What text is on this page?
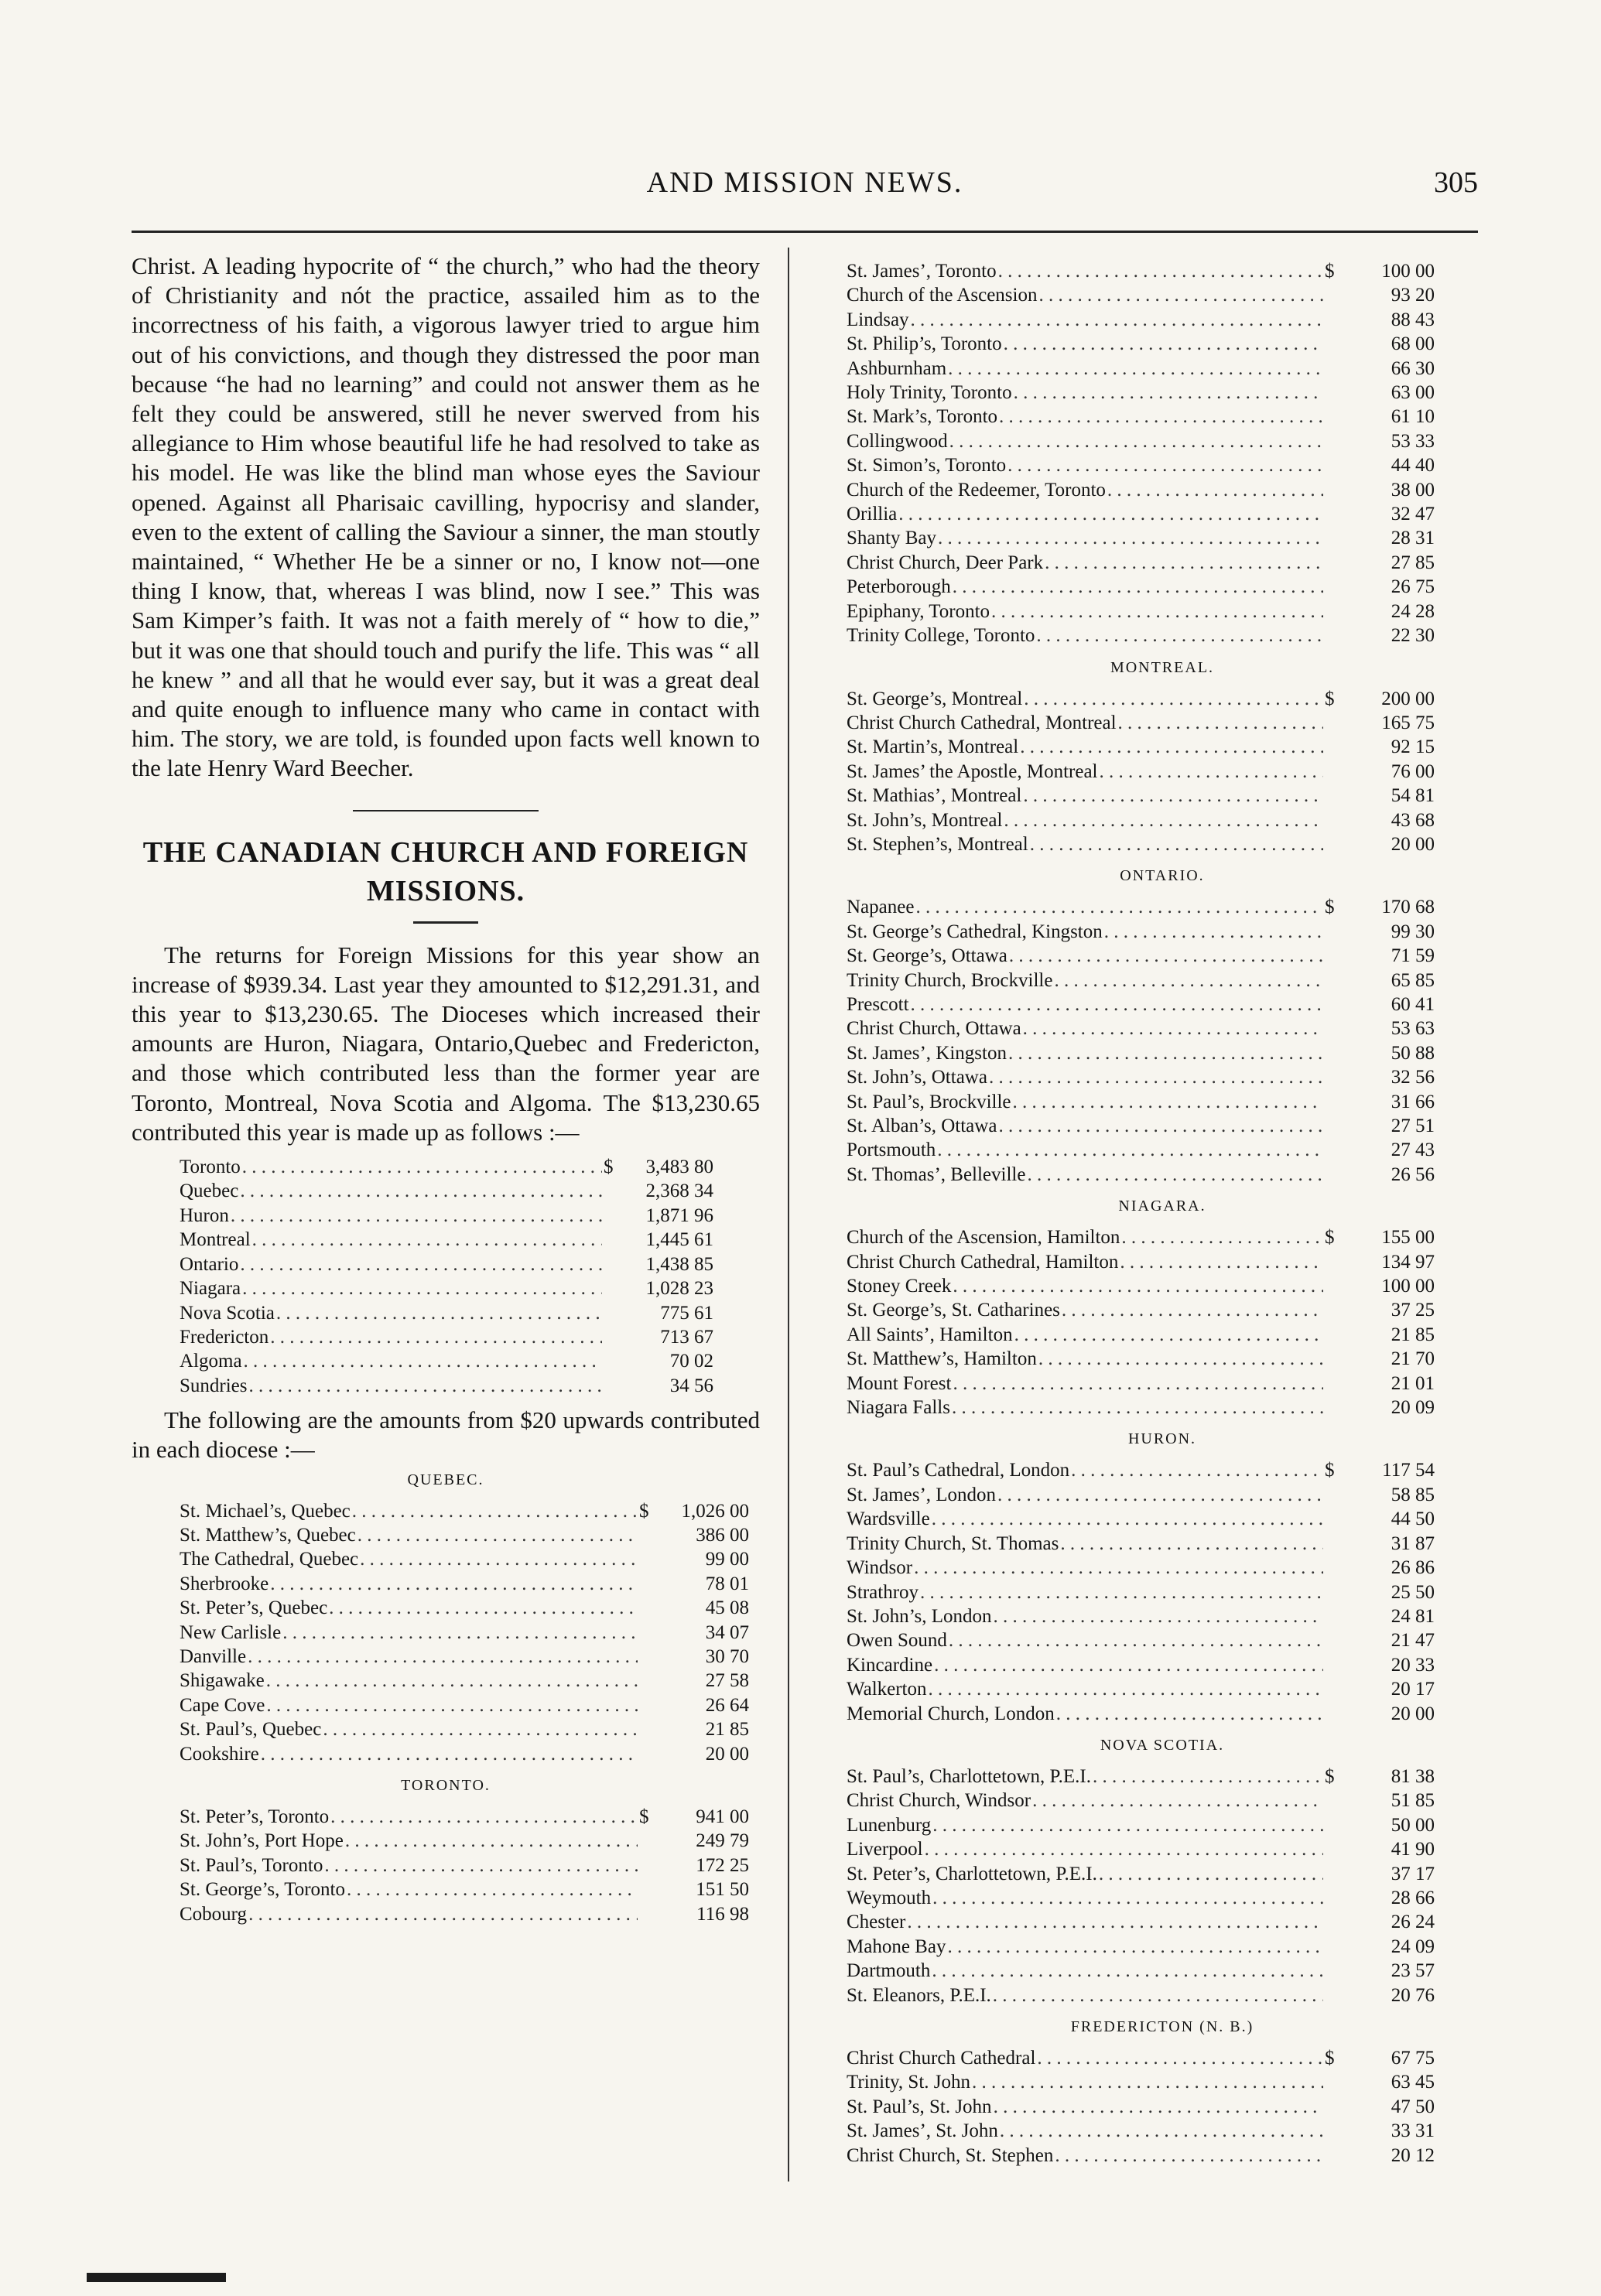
AND MISSION NEWS.	305

Christ. A leading hypocrite of “ the church,” who had the theory of Christianity and nót the practice, assailed him as to the incorrectness of his faith, a vigorous lawyer tried to argue him out of his convictions, and though they distressed the poor man because “he had no learning” and could not answer them as he felt they could be answered, still he never swerved from his allegiance to Him whose beautiful life he had resolved to take as his model. He was like the blind man whose eyes the Saviour opened. Against all Pharisaic cavilling, hypocrisy and slander, even to the extent of calling the Saviour a sinner, the man stoutly maintained, “ Whether He be a sinner or no, I know not—one thing I know, that, whereas I was blind, now I see.” This was Sam Kimper’s faith. It was not a faith merely of “ how to die,” but it was one that should touch and purify the life. This was “ all he knew ” and all that he would ever say, but it was a great deal and quite enough to influence many who came in contact with him. The story, we are told, is founded upon facts well known to the late Henry Ward Beecher.

THE CANADIAN CHURCH AND FOREIGN MISSIONS.

The returns for Foreign Missions for this year show an increase of $939.34. Last year they amounted to $12,291.31, and this year to $13,230.65. The Dioceses which increased their amounts are Huron, Niagara, Ontario,Quebec and Fredericton, and those which contributed less than the former year are Toronto, Montreal, Nova Scotia and Algoma. The $13,230.65 contributed this year is made up as follows :—

Toronto . . .	$	3,483 80
Quebec . . .	2,368 34
Huron . . .	1,871 96
Montreal . . .	1,445 61
Ontario . . .	1,438 85
Niagara . . .	1,028 23
Nova Scotia . . .	775 61
Fredericton . . .	713 67
Algoma . . .	70 02
Sundries . . .	34 56

The following are the amounts from $20 upwards contributed in each diocese :—

QUEBEC.
St. Michael’s, Quebec . . .	$	1,026 00
St. Matthew’s, Quebec . . .	386 00
The Cathedral, Quebec . . .	99 00
Sherbrooke . . .	78 01
St. Peter’s, Quebec . . .	45 08
New Carlisle . . .	34 07
Danville . . .	30 70
Shigawake . . .	27 58
Cape Cove . . .	26 64
St. Paul’s, Quebec . . .	21 85
Cookshire . . .	20 00
TORONTO.
St. Peter’s, Toronto . . .	$	941 00
St. John’s, Port Hope . . .	249 79
St. Paul’s, Toronto . . .	172 25
St. George’s, Toronto . . .	151 50
Cobourg . . .	116 98
St. James’, Toronto . . .	$	100 00
Church of the Ascension . . .	93 20
Lindsay . . .	88 43
St. Philip’s, Toronto . . .	68 00
Ashburnham . . .	66 30
Holy Trinity, Toronto . . .	63 00
St. Mark’s, Toronto . . .	61 10
Collingwood . . .	53 33
St. Simon’s, Toronto . . .	44 40
Church of the Redeemer, Toronto . . .	38 00
Orillia . . .	32 47
Shanty Bay . . .	28 31
Christ Church, Deer Park . . .	27 85
Peterborough . . .	26 75
Epiphany, Toronto . . .	24 28
Trinity College, Toronto . . .	22 30
MONTREAL.
St. George’s, Montreal . . .	$	200 00
Christ Church Cathedral, Montreal . . .	165 75
St. Martin’s, Montreal . . .	92 15
St. James’ the Apostle, Montreal . . .	76 00
St. Mathias’, Montreal . . .	54 81
St. John’s, Montreal . . .	43 68
St. Stephen’s, Montreal . . .	20 00
ONTARIO.
Napanee . . .	$	170 68
St. George’s Cathedral, Kingston . . .	99 30
St. George’s, Ottawa . . .	71 59
Trinity Church, Brockville . . .	65 85
Prescott . . .	60 41
Christ Church, Ottawa . . .	53 63
St. James’, Kingston . . .	50 88
St. John’s, Ottawa . . .	32 56
St. Paul’s, Brockville . . .	31 66
St. Alban’s, Ottawa . . .	27 51
Portsmouth . . .	27 43
St. Thomas’, Belleville . . .	26 56
NIAGARA.
Church of the Ascension, Hamilton . . .	$	155 00
Christ Church Cathedral, Hamilton . . .	134 97
Stoney Creek . . .	100 00
St. George’s, St. Catharines . . .	37 25
All Saints’, Hamilton . . .	21 85
St. Matthew’s, Hamilton . . .	21 70
Mount Forest . . .	21 01
Niagara Falls . . .	20 09
HURON.
St. Paul’s Cathedral, London . . .	$	117 54
St. James’, London . . .	58 85
Wardsville . . .	44 50
Trinity Church, St. Thomas . . .	31 87
Windsor . . .	26 86
Strathroy . . .	25 50
St. John’s, London . . .	24 81
Owen Sound . . .	21 47
Kincardine . . .	20 33
Walkerton . . .	20 17
Memorial Church, London . . .	20 00
NOVA SCOTIA.
St. Paul’s, Charlottetown, P.E.I. . . .	$	81 38
Christ Church, Windsor . . .	51 85
Lunenburg . . .	50 00
Liverpool . . .	41 90
St. Peter’s, Charlottetown, P.E.I. . . .	37 17
Weymouth . . .	28 66
Chester . . .	26 24
Mahone Bay . . .	24 09
Dartmouth . . .	23 57
St. Eleanors, P.E.I. . . .	20 76
FREDERICTON (N. B.)
Christ Church Cathedral . . .	$	67 75
Trinity, St. John . . .	63 45
St. Paul’s, St. John . . .	47 50
St. James’, St. John . . .	33 31
Christ Church, St. Stephen . . .	20 12
